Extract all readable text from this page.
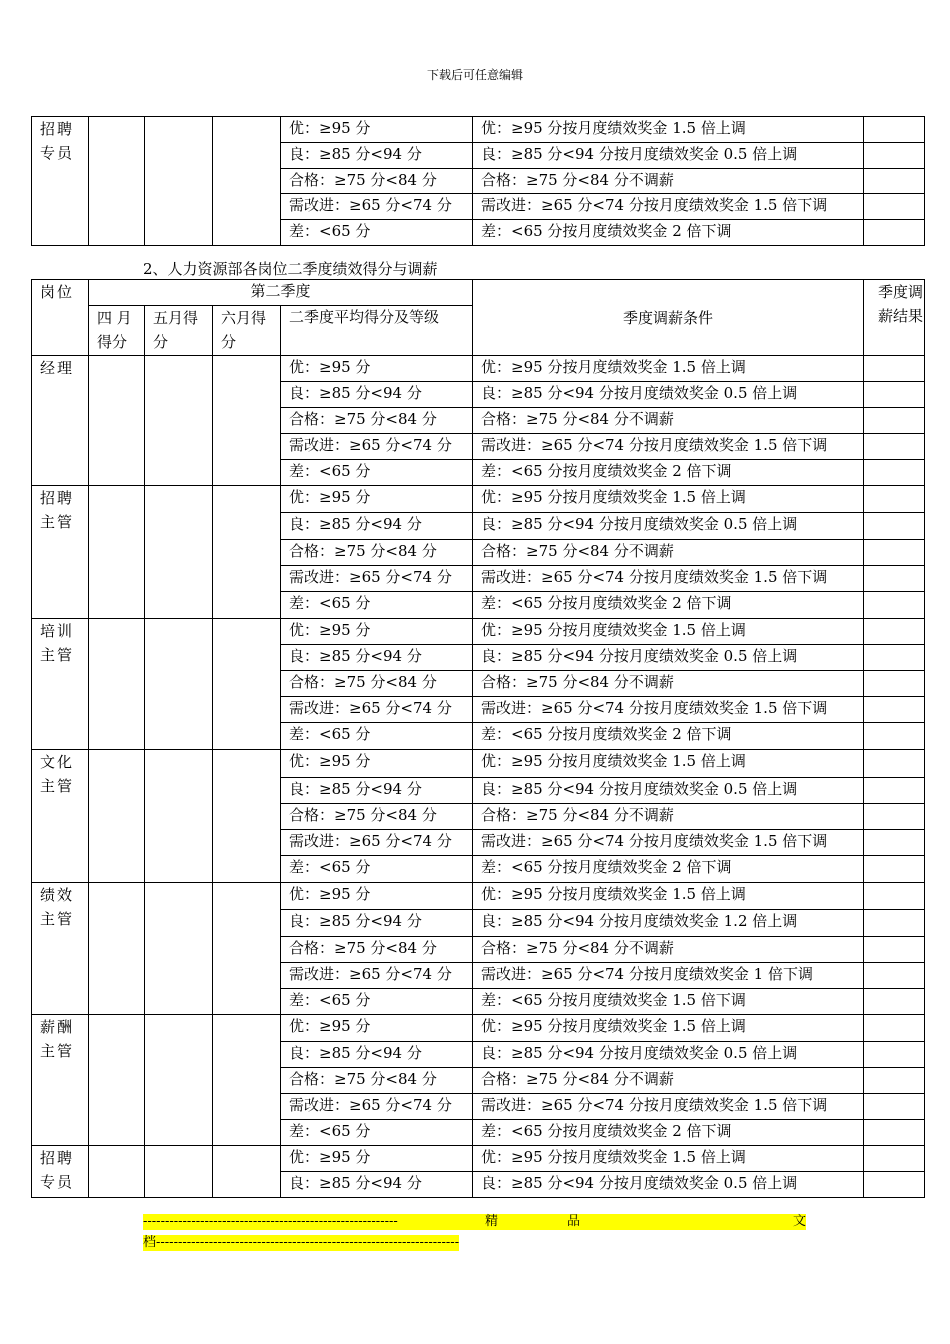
下载后可任意编辑
招聘专员				优：≥95 分	优：≥95 分按月度绩效奖金 1.5 倍上调	
				良：≥85 分<94 分	良：≥85 分<94 分按月度绩效奖金 0.5 倍上调	
				合格：≥75 分<84 分	合格：≥75 分<84 分不调薪	
				需改进：≥65 分<74 分	需改进：≥65 分<74 分按月度绩效奖金 1.5 倍下调	
				差：<65 分	差：<65 分按月度绩效奖金 2 倍下调	
2、人力资源部各岗位二季度绩效得分与调薪
岗位	第二季度				季度调薪条件	季度调薪结果
	四 月得分	五月得分	六月得分	二季度平均得分及等级		
经理				优：≥95 分	优：≥95 分按月度绩效奖金 1.5 倍上调	
				良：≥85 分<94 分	良：≥85 分<94 分按月度绩效奖金 0.5 倍上调	
				合格：≥75 分<84 分	合格：≥75 分<84 分不调薪	
				需改进：≥65 分<74 分	需改进：≥65 分<74 分按月度绩效奖金 1.5 倍下调	
				差：<65 分	差：<65 分按月度绩效奖金 2 倍下调	
招聘主管				优：≥95 分	优：≥95 分按月度绩效奖金 1.5 倍上调	
				良：≥85 分<94 分	良：≥85 分<94 分按月度绩效奖金 0.5 倍上调	
				合格：≥75 分<84 分	合格：≥75 分<84 分不调薪	
				需改进：≥65 分<74 分	需改进：≥65 分<74 分按月度绩效奖金 1.5 倍下调	
				差：<65 分	差：<65 分按月度绩效奖金 2 倍下调	
培训主管				优：≥95 分	优：≥95 分按月度绩效奖金 1.5 倍上调	
				良：≥85 分<94 分	良：≥85 分<94 分按月度绩效奖金 0.5 倍上调	
				合格：≥75 分<84 分	合格：≥75 分<84 分不调薪	
				需改进：≥65 分<74 分	需改进：≥65 分<74 分按月度绩效奖金 1.5 倍下调	
				差：<65 分	差：<65 分按月度绩效奖金 2 倍下调	
文化主管				优：≥95 分	优：≥95 分按月度绩效奖金 1.5 倍上调	
				良：≥85 分<94 分	良：≥85 分<94 分按月度绩效奖金 0.5 倍上调	
				合格：≥75 分<84 分	合格：≥75 分<84 分不调薪	
				需改进：≥65 分<74 分	需改进：≥65 分<74 分按月度绩效奖金 1.5 倍下调	
				差：<65 分	差：<65 分按月度绩效奖金 2 倍下调	
绩效主管				优：≥95 分	优：≥95 分按月度绩效奖金 1.5 倍上调	
				良：≥85 分<94 分	良：≥85 分<94 分按月度绩效奖金 1.2 倍上调	
				合格：≥75 分<84 分	合格：≥75 分<84 分不调薪	
				需改进：≥65 分<74 分	需改进：≥65 分<74 分按月度绩效奖金 1 倍下调	
				差：<65 分	差：<65 分按月度绩效奖金 1.5 倍下调	
薪酬主管				优：≥95 分	优：≥95 分按月度绩效奖金 1.5 倍上调	
				良：≥85 分<94 分	良：≥85 分<94 分按月度绩效奖金 0.5 倍上调	
				合格：≥75 分<84 分	合格：≥75 分<84 分不调薪	
				需改进：≥65 分<74 分	需改进：≥65 分<74 分按月度绩效奖金 1.5 倍下调	
				差：<65 分	差：<65 分按月度绩效奖金 2 倍下调	
招聘专员				优：≥95 分	优：≥95 分按月度绩效奖金 1.5 倍上调	
				良：≥85 分<94 分	良：≥85 分<94 分按月度绩效奖金 0.5 倍上调	
----------------------------------------------------------	精	品	文

档---------------------------------------------------------------------
